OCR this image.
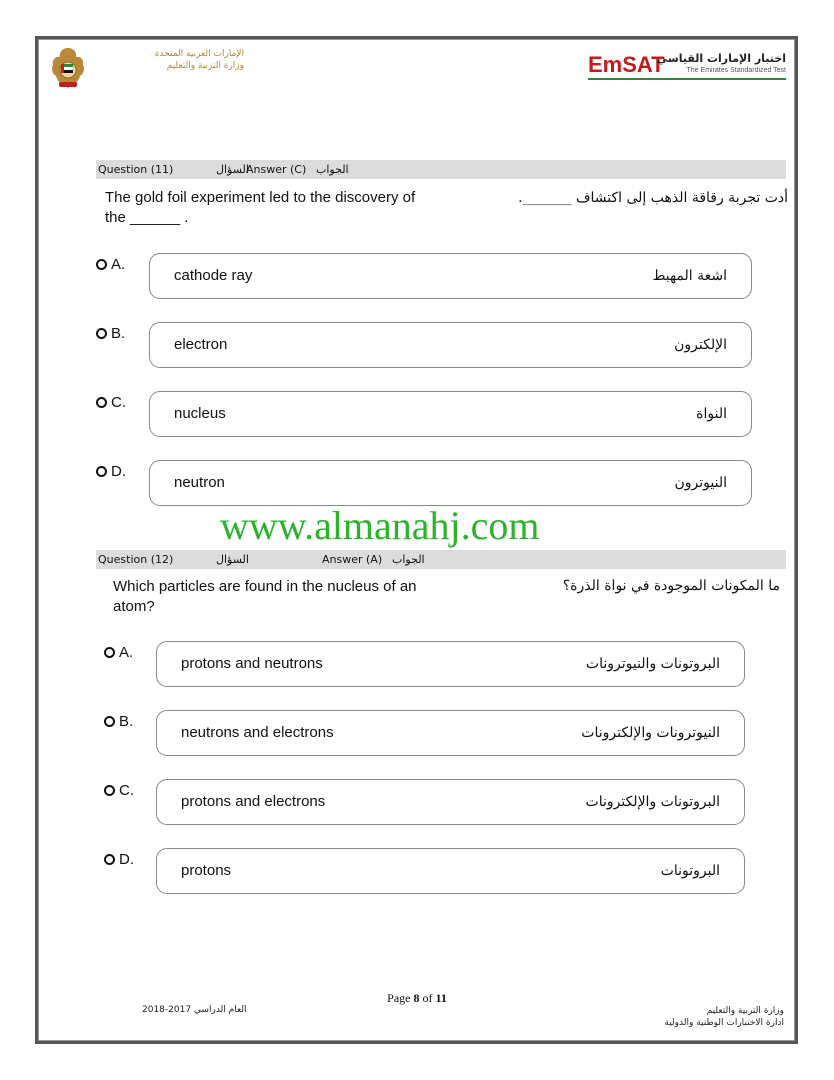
الإمارات العربية المتحدة
وزارة التربية والتعليم	EmSAT
اختبار الإمارات القياسي
The Emirates Standardized Test
Question (11)	السؤال
Answer (C) الجواب
The gold foil experiment led to the discovery of
the ______ .
أدت تجربة رقاقة الذهب إلى اكتشاف _______.
A.
cathode ray	اشعة المهبط
B.
electron	الإلكترون
C.
nucleus	النواة
D.
neutron	النيوترون
www.almanahj.com
Question (12)	السؤال	Answer (A) الجواب
Which particles are found in the nucleus of an
atom?
ما المكونات الموجودة في نواة الذرة؟
A.
protons and neutrons	البروتونات والنيوترونات
B.
neutrons and electrons	النيوترونات والإلكترونات
C.
protons and electrons	البروتونات والإلكترونات
D.
protons	البروتونات
Page 8 of 11
العام الدراسي 2017-2018	وزارة التربية والتعليم
ادارة الاختبارات الوطنية والدولية
